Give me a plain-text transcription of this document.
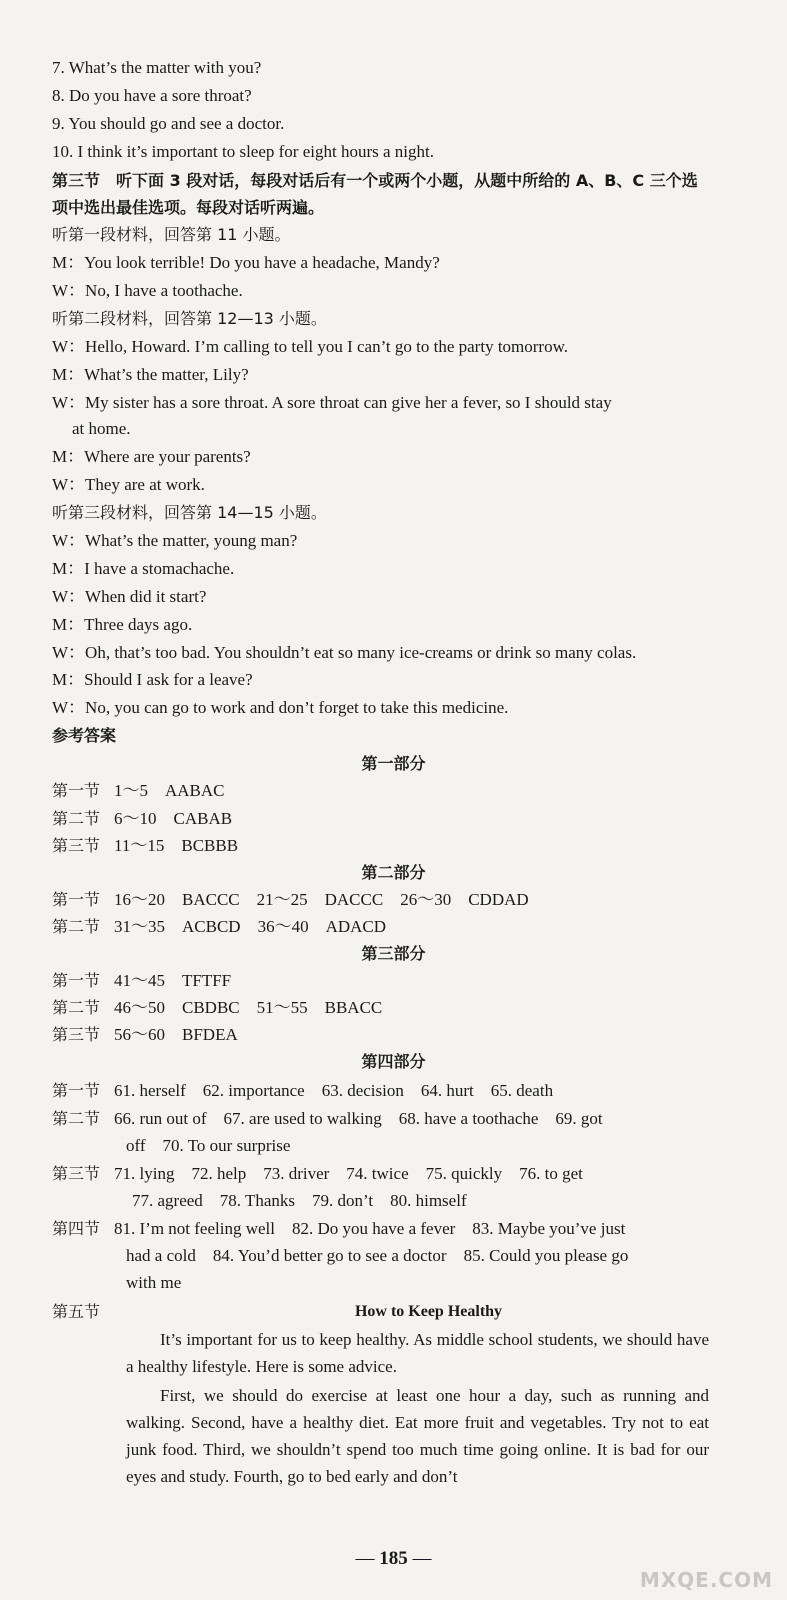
7. What’s the matter with you?
8. Do you have a sore throat?
9. You should go and see a doctor.
10. I think it’s important to sleep for eight hours a night.
第三节　听下面 3 段对话，每段对话后有一个或两个小题，从题中所给的 A、B、C 三个选项中选出最佳选项。每段对话听两遍。
听第一段材料，回答第 11 小题。
M：You look terrible! Do you have a headache, Mandy?
W：No, I have a toothache.
听第二段材料，回答第 12—13 小题。
W：Hello, Howard. I’m calling to tell you I can’t go to the party tomorrow.
M：What’s the matter, Lily?
W：My sister has a sore throat. A sore throat can give her a fever, so I should stay
at home.
M：Where are your parents?
W：They are at work.
听第三段材料，回答第 14—15 小题。
W：What’s the matter, young man?
M：I have a stomachache.
W：When did it start?
M：Three days ago.
W：Oh, that’s too bad. You shouldn’t eat so many ice-creams or drink so many colas.
M：Should I ask for a leave?
W：No, you can go to work and don’t forget to take this medicine.
参考答案
第一部分
第一节 1～5　AABAC
第二节 6～10　CABAB
第三节 11～15　BCBBB
第二部分
第一节 16～20　BACCC　21～25　DACCC　26～30　CDDAD
第二节 31～35　ACBCD　36～40　ADACD
第三部分
第一节 41～45　TFTFF
第二节 46～50　CBDBC　51～55　BBACC
第三节 56～60　BFDEA
第四部分
第一节 61. herself　62. importance　63. decision　64. hurt　65. death
第二节 66. run out of　67. are used to walking　68. have a toothache　69. got
off　70. To our surprise
第三节 71. lying　72. help　73. driver　74. twice　75. quickly　76. to get
77. agreed　78. Thanks　79. don’t　80. himself
第四节 81. I’m not feeling well　82. Do you have a fever　83. Maybe you’ve just
had a cold　84. You’d better go to see a doctor　85. Could you please go
with me
第五节	How to Keep Healthy

It’s important for us to keep healthy. As middle school students, we should have a healthy lifestyle. Here is some advice.

First, we should do exercise at least one hour a day, such as running and walking. Second, have a healthy diet. Eat more fruit and vegetables. Try not to eat junk food. Third, we shouldn’t spend too much time going online. It is bad for our eyes and study. Fourth, go to bed early and don’t

— 185 —
MXQE.COM
